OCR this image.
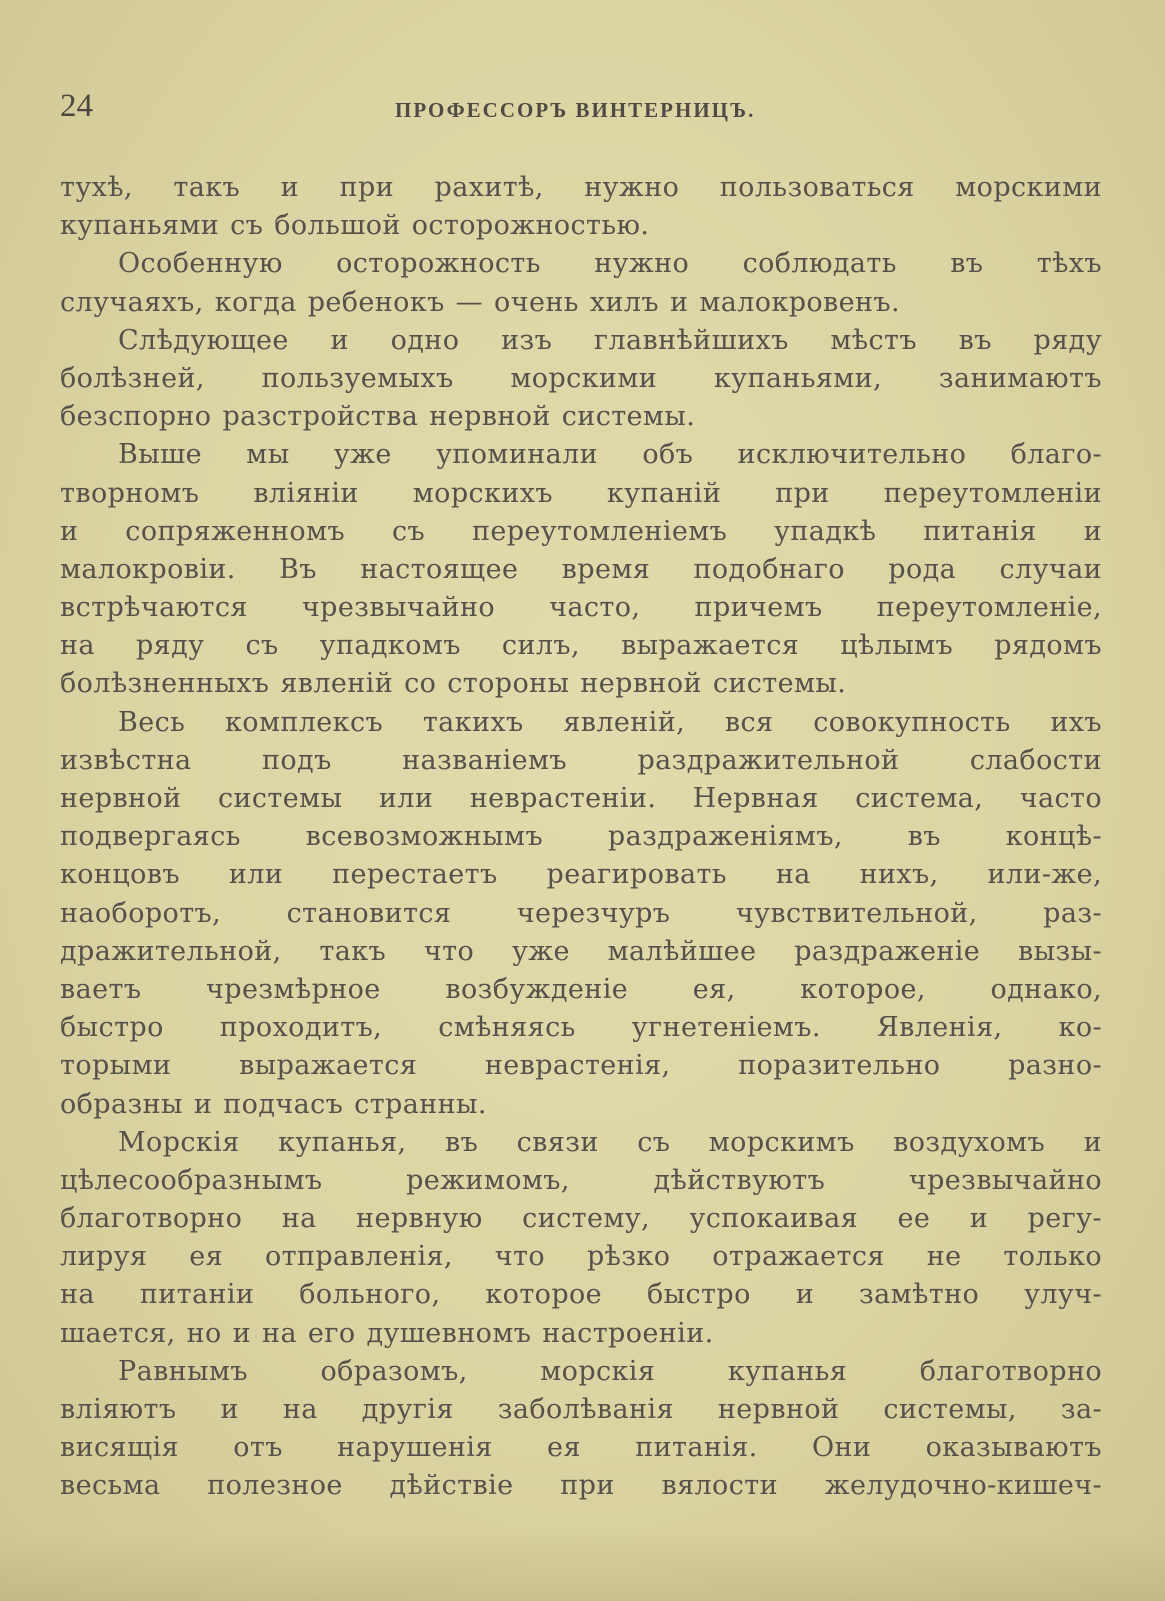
24	ПРОФЕССОРЪ ВИНТЕРНИЦЪ.
тухѣ, такъ и при рахитѣ, нужно пользоваться морскими
купаньями съ большой осторожностью.
Особенную осторожность нужно соблюдать въ тѣхъ
случаяхъ, когда ребенокъ — очень хилъ и малокровенъ.
Слѣдующее и одно изъ главнѣйшихъ мѣстъ въ ряду
болѣзней, пользуемыхъ морскими купаньями, занимаютъ
безспорно разстройства нервной системы.
Выше мы уже упоминали объ исключительно благо-
творномъ вліяніи морскихъ купаній при переутомленіи
и сопряженномъ съ переутомленіемъ упадкѣ питанія и
малокровіи. Въ настоящее время подобнаго рода случаи
встрѣчаются чрезвычайно часто, причемъ переутомленіе,
на ряду съ упадкомъ силъ, выражается цѣлымъ рядомъ
болѣзненныхъ явленій со стороны нервной системы.
Весь комплексъ такихъ явленій, вся совокупность ихъ
извѣстна подъ названіемъ раздражительной слабости
нервной системы или неврастеніи. Нервная система, часто
подвергаясь всевозможнымъ раздраженіямъ, въ концѣ-
концовъ или перестаетъ реагировать на нихъ, или-же,
наоборотъ, становится черезчуръ чувствительной, раз-
дражительной, такъ что уже малѣйшее раздраженіе вызы-
ваетъ чрезмѣрное возбужденіе ея, которое, однако,
быстро проходитъ, смѣняясь угнетеніемъ. Явленія, ко-
торыми выражается неврастенія, поразительно разно-
образны и подчасъ странны.
Морскія купанья, въ связи съ морскимъ воздухомъ и
цѣлесообразнымъ режимомъ, дѣйствуютъ чрезвычайно
благотворно на нервную систему, успокаивая ее и регу-
лируя ея отправленія, что рѣзко отражается не только
на питаніи больного, которое быстро и замѣтно улуч-
шается, но и на его душевномъ настроеніи.
Равнымъ образомъ, морскія купанья благотворно
вліяютъ и на другія заболѣванія нервной системы, за-
висящія отъ нарушенія ея питанія. Они оказываютъ
весьма полезное дѣйствіе при вялости желудочно-кишеч-
